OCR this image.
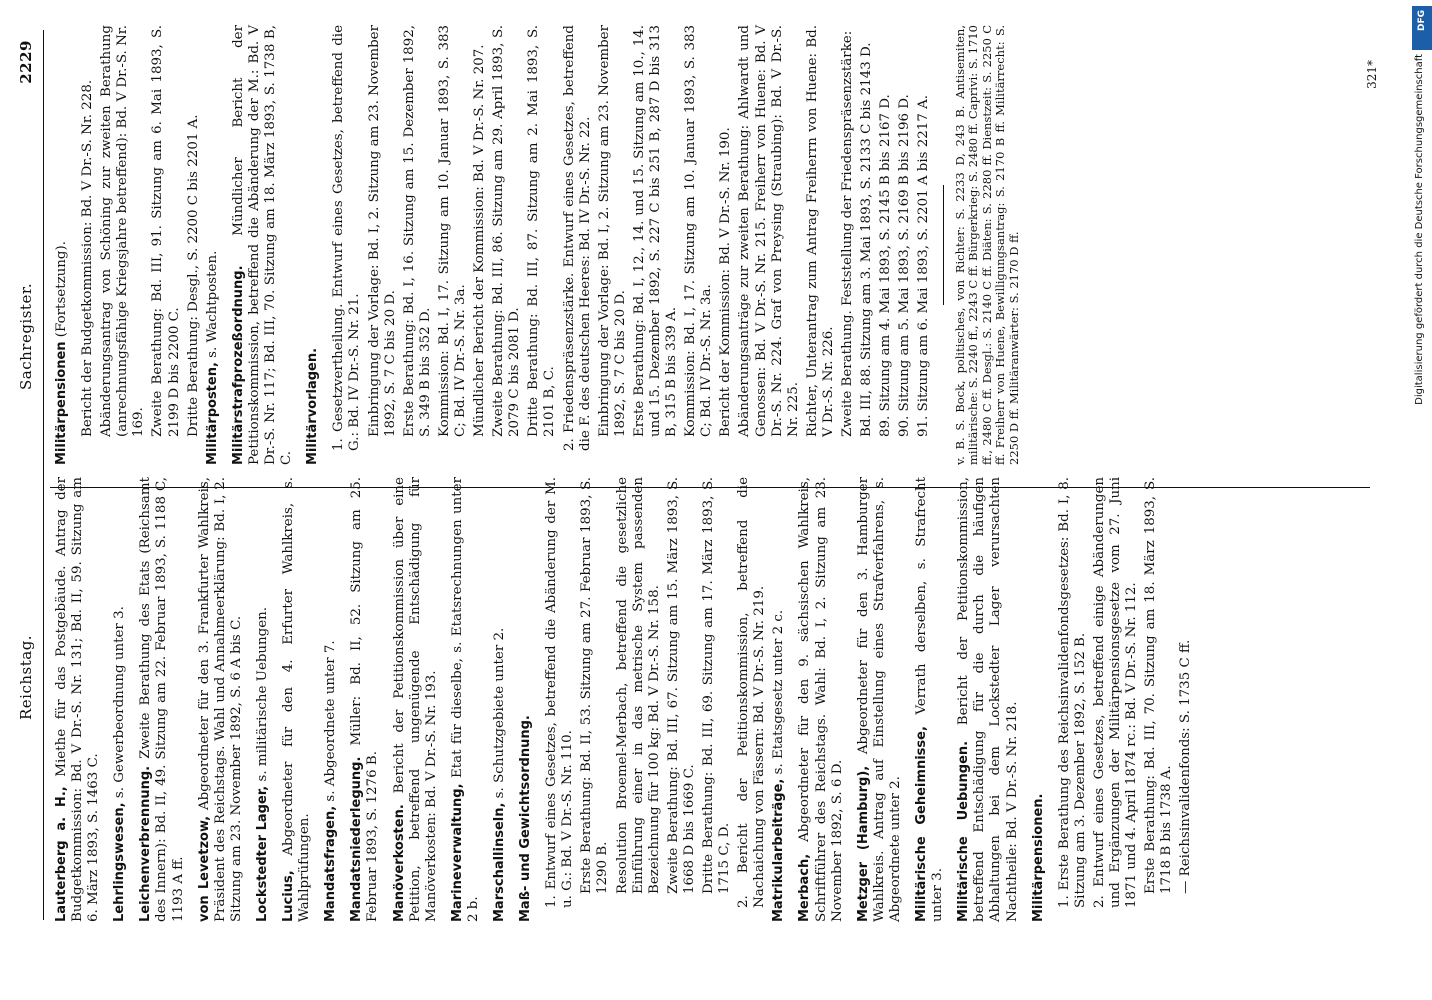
Reichstag.
Sachregister.
2229
Lauterberg a. H., Miethe für das Postgebäude. Antrag der Budgetkommission: Bd. V Dr.-S. Nr. 131; Bd. II, 59. Sitzung am 6. März 1893, S. 1463 C. Lehrlingswesen, s. Gewerbeordnung unter 3.
Leichenverbrennung. Zweite Berathung des Etats (Reichsamt des Innern): Bd. II, 49. Sitzung am 22. Februar 1893, S. 1188 C, 1193 A ff. von Levetzow, Abgeordneter für den 3. Frankfurter Wahlkreis, Präsident des Reichstags. Wahl und Annahmeerklärung: Bd. I, 2. Sitzung am 23. November 1892, S. 6 A bis C. Lockstedter Lager, s. militärische Uebungen.
Lucius, Abgeordneter für den 4. Erfurter Wahlkreis, s. Wahlprüfungen. Mandatsfragen, s. Abgeordnete unter 7.
Mandatsniederlegung. Müller: Bd. II, 52. Sitzung am 25. Februar 1893, S. 1276 B. Manöverkosten. Bericht der Petitionskommission über eine Petition, betreffend ungenügende Entschädigung für Manöverkosten: Bd. V Dr.-S. Nr. 193. Marineverwaltung, Etat für dieselbe, s. Etatsrechnungen unter 2 b. Marschallinseln, s. Schutzgebiete unter 2.
Maß- und Gewichtsordnung. 1. Entwurf eines Gesetzes, betreffend die Abänderung der M. u. G.: Bd. V Dr.-S. Nr. 110. Erste Berathung: Bd. II, 53. Sitzung am 27. Februar 1893, S. 1290 B. Resolution Broemel-Merbach, betreffend die gesetzliche Einführung einer in das metrische System passenden Bezeichnung für 100 kg: Bd. V Dr.-S. Nr. 158. Zweite Berathung: Bd. III, 67. Sitzung am 15. März 1893, S. 1668 D bis 1669 C. Dritte Berathung: Bd. III, 69. Sitzung am 17. März 1893, S. 1715 C, D. 2. Bericht der Petitionskommission, betreffend die Nachaichung von Fässern: Bd. V Dr.-S. Nr. 219. Matrikularbeiträge, s. Etatsgesetz unter 2 c.
Merbach, Abgeordneter für den 9. sächsischen Wahlkreis, Schriftführer des Reichstags. Wahl: Bd. I, 2. Sitzung am 23. November 1892, S. 6 D. Metzger (Hamburg), Abgeordneter für den 3. Hamburger Wahlkreis. Antrag auf Einstellung eines Strafverfahrens, s. Abgeordnete unter 2. Militärische Geheimnisse, Verrath derselben, s. Strafrecht unter 3. Militärische Uebungen. Bericht der Petitionskommission, betreffend Entschädigung für die durch die häufigen Abhaltungen bei dem Lockstedter Lager verursachten Nachtheile: Bd. V Dr.-S. Nr. 218. Militärpensionen. 1. Erste Berathung des Reichsinvalidenfondsgesetzes: Bd. I, 8. Sitzung am 3. Dezember 1892, S. 152 B. 2. Entwurf eines Gesetzes, betreffend einige Abänderungen und Ergänzungen der Militärpensionsgesetze vom 27. Juni 1871 und 4. April 1874 rc.: Bd. V Dr.-S. Nr. 112. Erste Berathung: Bd. III, 70. Sitzung am 18. März 1893, S. 1718 B bis 1738 A. — Reichsinvalidenfonds: S. 1735 C ff.
Militärpensionen (Fortsetzung). Bericht der Budgetkommission: Bd. V Dr.-S. Nr. 228. Abänderungsantrag von Schöning zur zweiten Berathung (anrechnungsfähige Kriegsjahre betreffend): Bd. V Dr.-S. Nr. 169. Zweite Berathung: Bd. III, 91. Sitzung am 6. Mai 1893, S. 2199 D bis 2200 C. Dritte Berathung: Desgl., S. 2200 C bis 2201 A. Militärposten, s. Wachtposten. Militärstrafprozeßordnung. Mündlicher Bericht der Petitionskommission, betreffend die Abänderung der M.: Bd. V Dr.-S. Nr. 117; Bd. III, 70. Sitzung am 18. März 1893, S. 1738 B, C. Militärvorlagen. 1. Gesetzvertheilung. Entwurf eines Gesetzes, betreffend die G.: Bd. IV Dr.-S. Nr. 21. Einbringung der Vorlage: Bd. I, 2. Sitzung am 23. November 1892, S. 7 C bis 20 D. Erste Berathung: Bd. I, 16. Sitzung am 15. Dezember 1892, S. 349 B bis 352 D. Kommission: Bd. I, 17. Sitzung am 10. Januar 1893, S. 383 C; Bd. IV Dr.-S. Nr. 3a. Mündlicher Bericht der Kommission: Bd. V Dr.-S. Nr. 207. Zweite Berathung: Bd. III, 86. Sitzung am 29. April 1893, S. 2079 C bis 2081 D. Dritte Berathung: Bd. III, 87. Sitzung am 2. Mai 1893, S. 2101 B, C. 2. Friedenspräsenzstärke. Entwurf eines Gesetzes, betreffend die F. des deutschen Heeres: Bd. IV Dr.-S. Nr. 22. Einbringung der Vorlage: Bd. I, 2. Sitzung am 23. November 1892, S. 7 C bis 20 D. Erste Berathung: Bd. I, 12., 14. und 15. Sitzung am 10., 14. und 15. Dezember 1892, S. 227 C bis 251 B, 287 D bis 313 B, 315 B bis 339 A. Kommission: Bd. I, 17. Sitzung am 10. Januar 1893, S. 383 C; Bd. IV Dr.-S. Nr. 3a. Bericht der Kommission: Bd. V Dr.-S. Nr. 190. Abänderungsanträge zur zweiten Berathung: Ahlwardt und Genossen: Bd. V Dr.-S. Nr. 215. Freiherr von Huene: Bd. V Dr.-S. Nr. 224. Graf von Preysing (Straubing): Bd. V Dr.-S. Nr. 225. Richter, Unterantrag zum Antrag Freiherrn von Huene: Bd. V Dr.-S. Nr. 226. Zweite Berathung. Feststellung der Friedenspräsenzstärke: Bd. III, 88. Sitzung am 3. Mai 1893, S. 2133 C bis 2143 D. 89. Sitzung am 4. Mai 1893, S. 2145 B bis 2167 D. 90. Sitzung am 5. Mai 1893, S. 2169 B bis 2196 D. 91. Sitzung am 6. Mai 1893, S. 2201 A bis 2217 A. v. B. S. Bock, politisches, von Richter: S. 2233 D, 243 B. Antisemiten, militärische: S. 2240 ff., 2243 C ff. Bürgerkrieg: S. 2480 ff. Caprivi: S. 1710 ff., 2480 C ff. Desgl.: S. 2140 C ff. Diäten: S. 2280 ff. Dienstzeit: S. 2250 C ff. Freiherr von Huene, Bewilligungsantrag: S. 2170 B ff. Militärrecht: S. 2250 D ff. Militäranwärter: S. 2170 D ff.
321*
DFG
Digitalisierung gefördert durch die Deutsche Forschungsgemeinschaft
